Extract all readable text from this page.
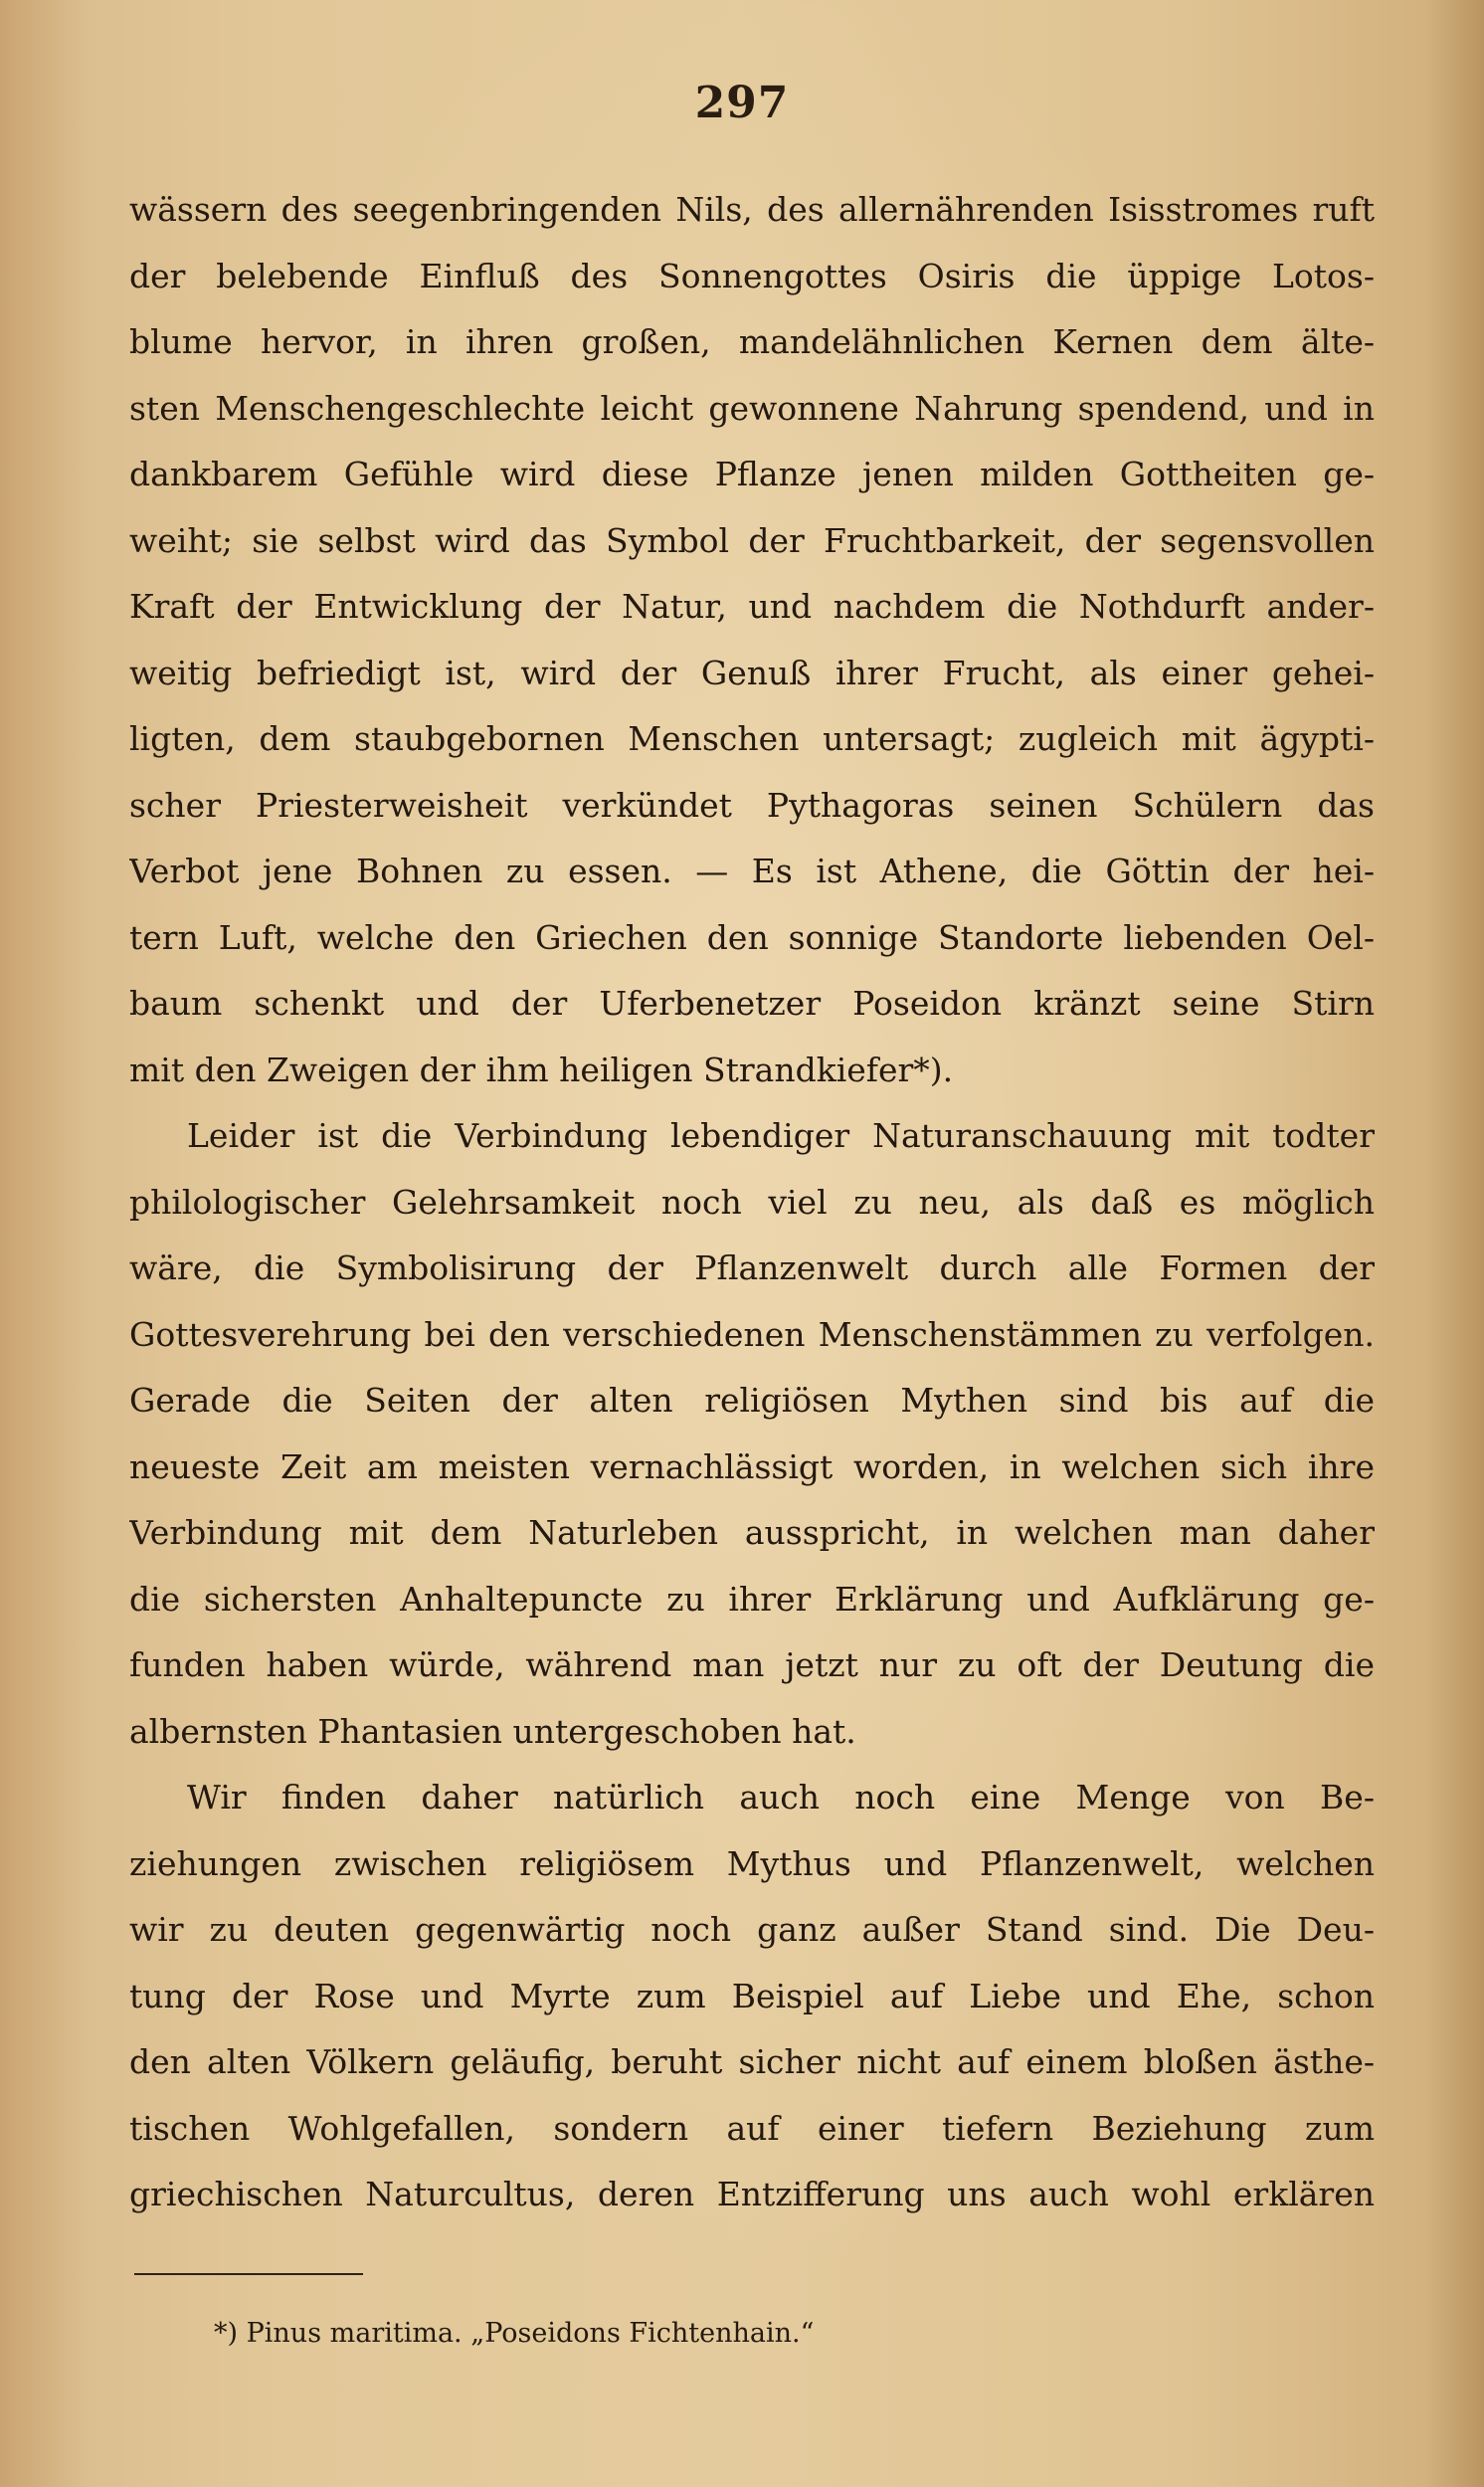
297
wässern des seegenbringenden Nils, des allernährenden Isisstromes ruft
der belebende Einfluß des Sonnengottes Osiris die üppige Lotos-
blume hervor, in ihren großen, mandelähnlichen Kernen dem älte-
sten Menschengeschlechte leicht gewonnene Nahrung spendend, und in
dankbarem Gefühle wird diese Pflanze jenen milden Gottheiten ge-
weiht; sie selbst wird das Symbol der Fruchtbarkeit, der segensvollen
Kraft der Entwicklung der Natur, und nachdem die Nothdurft ander-
weitig befriedigt ist, wird der Genuß ihrer Frucht, als einer gehei-
ligten, dem staubgebornen Menschen untersagt; zugleich mit ägypti-
scher Priesterweisheit verkündet Pythagoras seinen Schülern das
Verbot jene Bohnen zu essen. — Es ist Athene, die Göttin der hei-
tern Luft, welche den Griechen den sonnige Standorte liebenden Oel-
baum schenkt und der Uferbenetzer Poseidon kränzt seine Stirn
mit den Zweigen der ihm heiligen Strandkiefer*).
Leider ist die Verbindung lebendiger Naturanschauung mit todter
philologischer Gelehrsamkeit noch viel zu neu, als daß es möglich
wäre, die Symbolisirung der Pflanzenwelt durch alle Formen der
Gottesverehrung bei den verschiedenen Menschenstämmen zu verfolgen.
Gerade die Seiten der alten religiösen Mythen sind bis auf die
neueste Zeit am meisten vernachlässigt worden, in welchen sich ihre
Verbindung mit dem Naturleben ausspricht, in welchen man daher
die sichersten Anhaltepuncte zu ihrer Erklärung und Aufklärung ge-
funden haben würde, während man jetzt nur zu oft der Deutung die
albernsten Phantasien untergeschoben hat.
Wir finden daher natürlich auch noch eine Menge von Be-
ziehungen zwischen religiösem Mythus und Pflanzenwelt, welchen
wir zu deuten gegenwärtig noch ganz außer Stand sind. Die Deu-
tung der Rose und Myrte zum Beispiel auf Liebe und Ehe, schon
den alten Völkern geläufig, beruht sicher nicht auf einem bloßen ästhe-
tischen Wohlgefallen, sondern auf einer tiefern Beziehung zum
griechischen Naturcultus, deren Entzifferung uns auch wohl erklären
*) Pinus maritima. „Poseidons Fichtenhain.“
